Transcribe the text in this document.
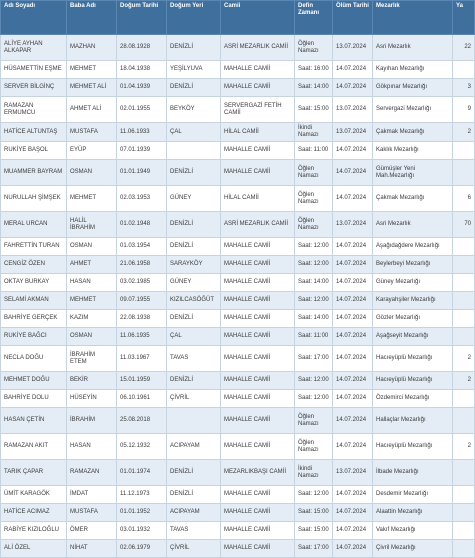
Adı Soyadı	Baba Adı	Doğum Tarihi	Doğum Yeri	Camii	Defin Zamanı	Ölüm Tarihi	Mezarlık	Ya
ALİYE AYHAN ALKAPAR	MAZHAN	28.08.1928	DENİZLİ	ASRİ MEZARLIK CAMİİ	Öğlen Namazı	13.07.2024	Asri Mezarlık	22
HÜSAMETTİN EŞME	MEHMET	18.04.1938	YEŞİLYUVA	MAHALLE CAMİİ	Saat: 16:00	14.07.2024	Kayıhan Mezarlığı	
SERVER BİLGİNÇ	MEHMET ALİ	01.04.1939	DENİZLİ	MAHALLE CAMİİ	Saat: 14:00	14.07.2024	Gökpınar Mezarlığı	3
RAMAZAN ERMUMCU	AHMET ALİ	02.01.1955	BEYKÖY	SERVERGAZİ FETİH CAMİİ	Saat: 15:00	13.07.2024	Servergazi Mezarlığı	9
HATİCE ALTUNTAŞ	MUSTAFA	11.06.1933	ÇAL	HİLAL CAMİİ	İkindi Namazı	13.07.2024	Çakmak Mezarlığı	2
RUKİYE BAŞOL	EYÜP	07.01.1939		MAHALLE CAMİİ	Saat: 11:00	14.07.2024	Kaklık Mezarlığı	
MUAMMER BAYRAM	OSMAN	01.01.1949	DENİZLİ	MAHALLE CAMİİ	Öğlen Namazı	14.07.2024	Gümüşler Yeni Mah.Mezarlığı	
NURULLAH ŞİMŞEK	MEHMET	02.03.1953	GÜNEY	HİLAL CAMİİ	Öğlen Namazı	14.07.2024	Çakmak Mezarlığı	6
MERAL URCAN	HALİL İBRAHİM	01.02.1948	DENİZLİ	ASRİ MEZARLIK CAMİİ	Öğlen Namazı	13.07.2024	Asri Mezarlık	70
FAHRETTİN TURAN	OSMAN	01.03.1954	DENİZLİ	MAHALLE CAMİİ	Saat: 12:00	14.07.2024	Aşağıdağdere Mezarlığı	
CENGİZ ÖZEN	AHMET	21.06.1958	SARAYKÖY	MAHALLE CAMİİ	Saat: 12:00	14.07.2024	Beylerbeyi Mezarlığı	
OKTAY BURKAY	HASAN	03.02.1985	GÜNEY	MAHALLE CAMİİ	Saat: 14:00	14.07.2024	Güney Mezarlığı	
SELAMİ AKMAN	MEHMET	09.07.1955	KIZILCASÖĞÜT	MAHALLE CAMİİ	Saat: 12:00	14.07.2024	Karayahşiler Mezarlığı	
BAHRİYE GERÇEK	KAZIM	22.08.1938	DENİZLİ	MAHALLE CAMİİ	Saat: 14:00	14.07.2024	Gözler Mezarlığı	
RUKİYE BAĞCI	OSMAN	11.06.1935	ÇAL	MAHALLE CAMİİ	Saat: 11:00	14.07.2024	Aşağseyit Mezarlığı	
NECLA DOĞU	İBRAHİM ETEM	11.03.1967	TAVAS	MAHALLE CAMİİ	Saat: 17:00	14.07.2024	Hacıeyüplü Mezarlığı	2
MEHMET DOĞU	BEKİR	15.01.1959	DENİZLİ	MAHALLE CAMİİ	Saat: 12:00	14.07.2024	Hacıeyüplü Mezarlığı	2
BAHRİYE DOLU	HÜSEYİN	06.10.1961	ÇİVRİL	MAHALLE CAMİİ	Saat: 12:00	14.07.2024	Özdemirci Mezarlığı	
HASAN ÇETİN	İBRAHİM	25.08.2018		MAHALLE CAMİİ	Öğlen Namazı	14.07.2024	Hallaçlar Mezarlığı	
RAMAZAN AKIT	HASAN	05.12.1932	ACIPAYAM	MAHALLE CAMİİ	Öğlen Namazı	14.07.2024	Hacıeyüplü Mezarlığı	2
TARIK ÇAPAR	RAMAZAN	01.01.1974	DENİZLİ	MEZARLIKBAŞI CAMİİ	İkindi Namazı	13.07.2024	İlbade Mezarlığı	
ÜMİT KARAGÖK	İMDAT	11.12.1973	DENİZLİ	MAHALLE CAMİİ	Saat: 12:00	14.07.2024	Desdemir Mezarlığı	
HATİCE ACIMAZ	MUSTAFA	01.01.1952	ACIPAYAM	MAHALLE CAMİİ	Saat: 15:00	14.07.2024	Alaattin Mezarlığı	
RABİYE KIZILOĞLU	ÖMER	03.01.1932	TAVAS	MAHALLE CAMİİ	Saat: 15:00	14.07.2024	Vakıf Mezarlığı	
ALİ ÖZEL	NİHAT	02.06.1979	ÇİVRİL	MAHALLE CAMİİ	Saat: 17:00	14.07.2024	Çivril Mezarlığı	
